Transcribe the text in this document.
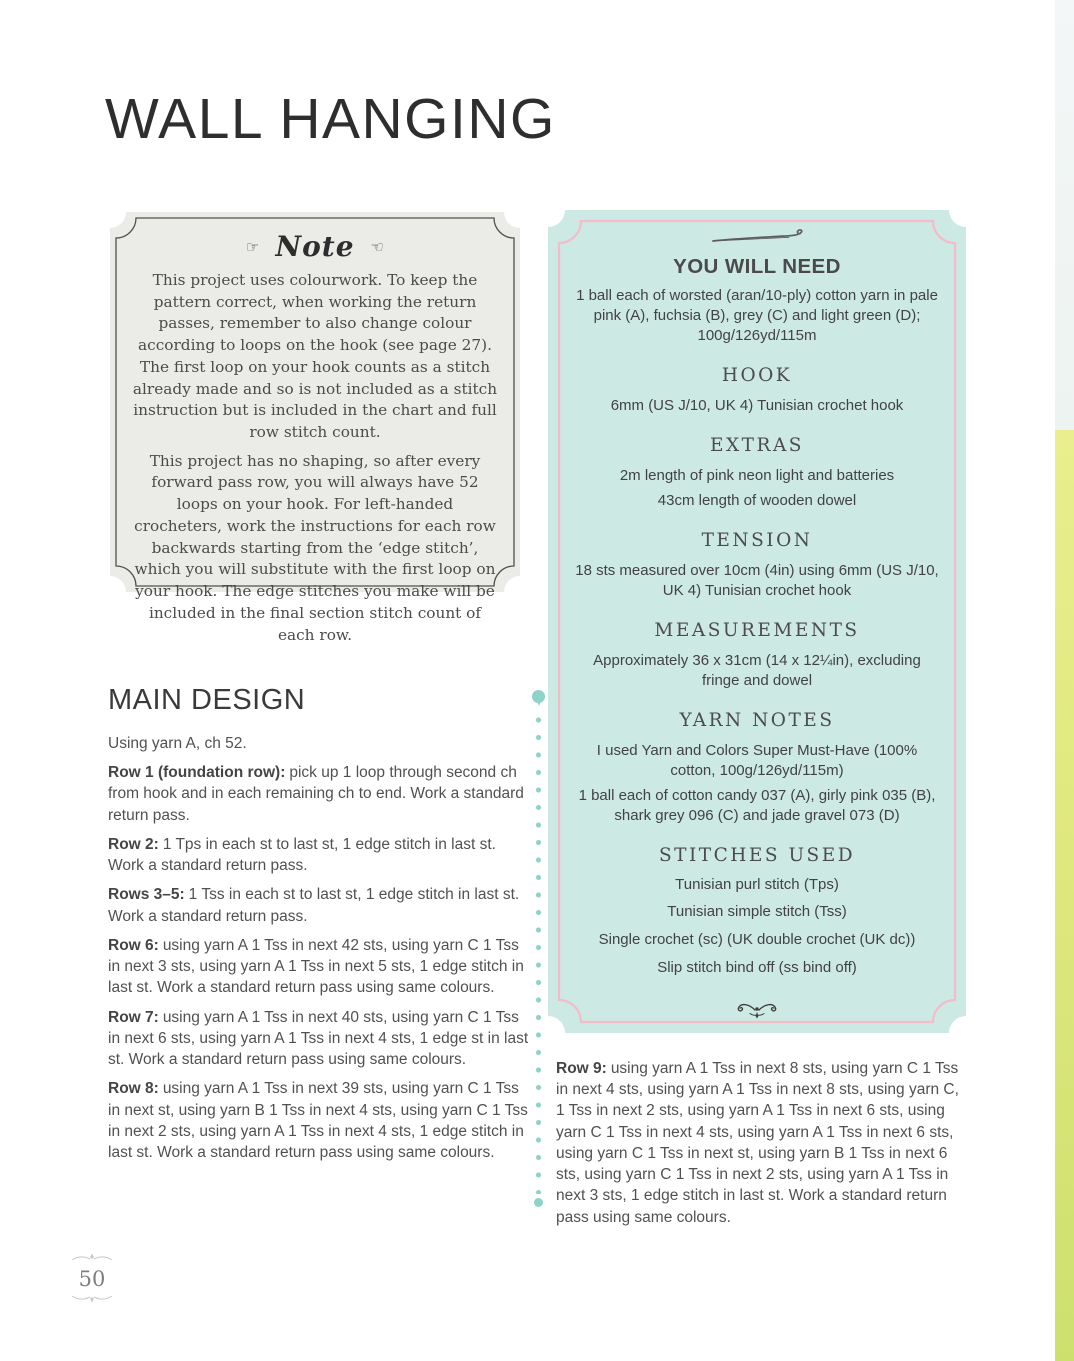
WALL HANGING
☞ Note ☜

This project uses colourwork. To keep the pattern correct, when working the return passes, remember to also change colour according to loops on the hook (see page 27). The first loop on your hook counts as a stitch already made and so is not included as a stitch instruction but is included in the chart and full row stitch count.

This project has no shaping, so after every forward pass row, you will always have 52 loops on your hook. For left-handed crocheters, work the instructions for each row backwards starting from the ‘edge stitch’, which you will substitute with the first loop on your hook. The edge stitches you make will be included in the final section stitch count of each row.

YOU WILL NEED
1 ball each of worsted (aran/10-ply) cotton yarn in pale pink (A), fuchsia (B), grey (C) and light green (D); 100g/126yd/115m
HOOK
6mm (US J/10, UK 4) Tunisian crochet hook
EXTRAS
2m length of pink neon light and batteries
43cm length of wooden dowel
TENSION
18 sts measured over 10cm (4in) using 6mm (US J/10, UK 4) Tunisian crochet hook
MEASUREMENTS
Approximately 36 x 31cm (14 x 12¼in), excluding fringe and dowel
YARN NOTES
I used Yarn and Colors Super Must-Have (100% cotton, 100g/126yd/115m)
1 ball each of cotton candy 037 (A), girly pink 035 (B), shark grey 096 (C) and jade gravel 073 (D)
STITCHES USED
Tunisian purl stitch (Tps)
Tunisian simple stitch (Tss)
Single crochet (sc) (UK double crochet (UK dc))
Slip stitch bind off (ss bind off)
MAIN DESIGN

Using yarn A, ch 52.

Row 1 (foundation row): pick up 1 loop through second ch from hook and in each remaining ch to end. Work a standard return pass.

Row 2: 1 Tps in each st to last st, 1 edge stitch in last st. Work a standard return pass.

Rows 3–5: 1 Tss in each st to last st, 1 edge stitch in last st. Work a standard return pass.

Row 6: using yarn A 1 Tss in next 42 sts, using yarn C 1 Tss in next 3 sts, using yarn A 1 Tss in next 5 sts, 1 edge stitch in last st. Work a standard return pass using same colours.

Row 7: using yarn A 1 Tss in next 40 sts, using yarn C 1 Tss in next 6 sts, using yarn A 1 Tss in next 4 sts, 1 edge st in last st. Work a standard return pass using same colours.

Row 8: using yarn A 1 Tss in next 39 sts, using yarn C 1 Tss in next st, using yarn B 1 Tss in next 4 sts, using yarn C 1 Tss in next 2 sts, using yarn A 1 Tss in next 4 sts, 1 edge stitch in last st. Work a standard return pass using same colours.

Row 9: using yarn A 1 Tss in next 8 sts, using yarn C 1 Tss in next 4 sts, using yarn A 1 Tss in next 8 sts, using yarn C, 1 Tss in next 2 sts, using yarn A 1 Tss in next 6 sts, using yarn C 1 Tss in next 4 sts, using yarn A 1 Tss in next 6 sts, using yarn C 1 Tss in next st, using yarn B 1 Tss in next 6 sts, using yarn C 1 Tss in next 2 sts, using yarn A 1 Tss in next 3 sts, 1 edge stitch in last st. Work a standard return pass using same colours.

50
